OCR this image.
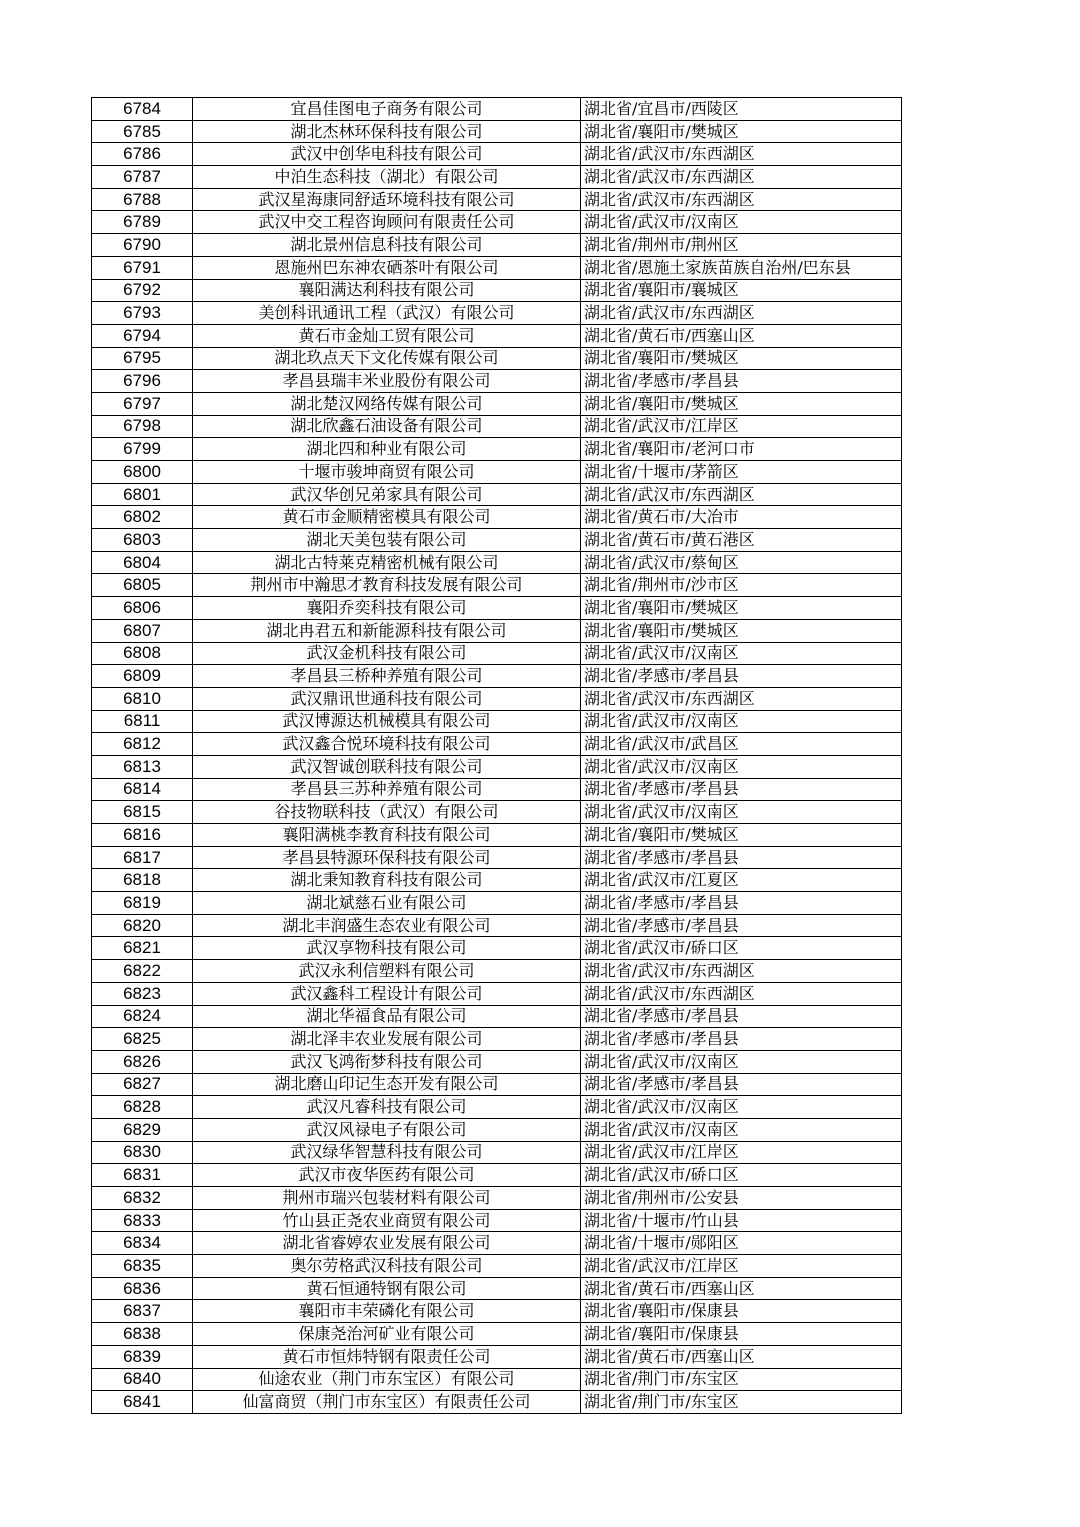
6784	宜昌佳图电子商务有限公司	湖北省/宜昌市/西陵区
6785	湖北杰林环保科技有限公司	湖北省/襄阳市/樊城区
6786	武汉中创华电科技有限公司	湖北省/武汉市/东西湖区
6787	中泊生态科技（湖北）有限公司	湖北省/武汉市/东西湖区
6788	武汉星海康同舒适环境科技有限公司	湖北省/武汉市/东西湖区
6789	武汉中交工程咨询顾问有限责任公司	湖北省/武汉市/汉南区
6790	湖北景州信息科技有限公司	湖北省/荆州市/荆州区
6791	恩施州巴东神农硒茶叶有限公司	湖北省/恩施土家族苗族自治州/巴东县
6792	襄阳满达利科技有限公司	湖北省/襄阳市/襄城区
6793	美创科讯通讯工程（武汉）有限公司	湖北省/武汉市/东西湖区
6794	黄石市金灿工贸有限公司	湖北省/黄石市/西塞山区
6795	湖北玖点天下文化传媒有限公司	湖北省/襄阳市/樊城区
6796	孝昌县瑞丰米业股份有限公司	湖北省/孝感市/孝昌县
6797	湖北楚汉网络传媒有限公司	湖北省/襄阳市/樊城区
6798	湖北欣鑫石油设备有限公司	湖北省/武汉市/江岸区
6799	湖北四和种业有限公司	湖北省/襄阳市/老河口市
6800	十堰市骏坤商贸有限公司	湖北省/十堰市/茅箭区
6801	武汉华创兄弟家具有限公司	湖北省/武汉市/东西湖区
6802	黄石市金顺精密模具有限公司	湖北省/黄石市/大冶市
6803	湖北天美包装有限公司	湖北省/黄石市/黄石港区
6804	湖北古特莱克精密机械有限公司	湖北省/武汉市/蔡甸区
6805	荆州市中瀚思才教育科技发展有限公司	湖北省/荆州市/沙市区
6806	襄阳乔奕科技有限公司	湖北省/襄阳市/樊城区
6807	湖北冉君五和新能源科技有限公司	湖北省/襄阳市/樊城区
6808	武汉金机科技有限公司	湖北省/武汉市/汉南区
6809	孝昌县三桥种养殖有限公司	湖北省/孝感市/孝昌县
6810	武汉鼎讯世通科技有限公司	湖北省/武汉市/东西湖区
6811	武汉博源达机械模具有限公司	湖北省/武汉市/汉南区
6812	武汉鑫合悦环境科技有限公司	湖北省/武汉市/武昌区
6813	武汉智诚创联科技有限公司	湖北省/武汉市/汉南区
6814	孝昌县三苏种养殖有限公司	湖北省/孝感市/孝昌县
6815	谷技物联科技（武汉）有限公司	湖北省/武汉市/汉南区
6816	襄阳满桃李教育科技有限公司	湖北省/襄阳市/樊城区
6817	孝昌县特源环保科技有限公司	湖北省/孝感市/孝昌县
6818	湖北秉知教育科技有限公司	湖北省/武汉市/江夏区
6819	湖北斌慈石业有限公司	湖北省/孝感市/孝昌县
6820	湖北丰润盛生态农业有限公司	湖北省/孝感市/孝昌县
6821	武汉享物科技有限公司	湖北省/武汉市/硚口区
6822	武汉永利信塑料有限公司	湖北省/武汉市/东西湖区
6823	武汉鑫科工程设计有限公司	湖北省/武汉市/东西湖区
6824	湖北华福食品有限公司	湖北省/孝感市/孝昌县
6825	湖北泽丰农业发展有限公司	湖北省/孝感市/孝昌县
6826	武汉飞鸿衔梦科技有限公司	湖北省/武汉市/汉南区
6827	湖北磨山印记生态开发有限公司	湖北省/孝感市/孝昌县
6828	武汉凡睿科技有限公司	湖北省/武汉市/汉南区
6829	武汉风禄电子有限公司	湖北省/武汉市/汉南区
6830	武汉绿华智慧科技有限公司	湖北省/武汉市/江岸区
6831	武汉市夜华医药有限公司	湖北省/武汉市/硚口区
6832	荆州市瑞兴包装材料有限公司	湖北省/荆州市/公安县
6833	竹山县正尧农业商贸有限公司	湖北省/十堰市/竹山县
6834	湖北省睿婷农业发展有限公司	湖北省/十堰市/郧阳区
6835	奥尔劳格武汉科技有限公司	湖北省/武汉市/江岸区
6836	黄石恒通特钢有限公司	湖北省/黄石市/西塞山区
6837	襄阳市丰荣磷化有限公司	湖北省/襄阳市/保康县
6838	保康尧治河矿业有限公司	湖北省/襄阳市/保康县
6839	黄石市恒炜特钢有限责任公司	湖北省/黄石市/西塞山区
6840	仙途农业（荆门市东宝区）有限公司	湖北省/荆门市/东宝区
6841	仙富商贸（荆门市东宝区）有限责任公司	湖北省/荆门市/东宝区
